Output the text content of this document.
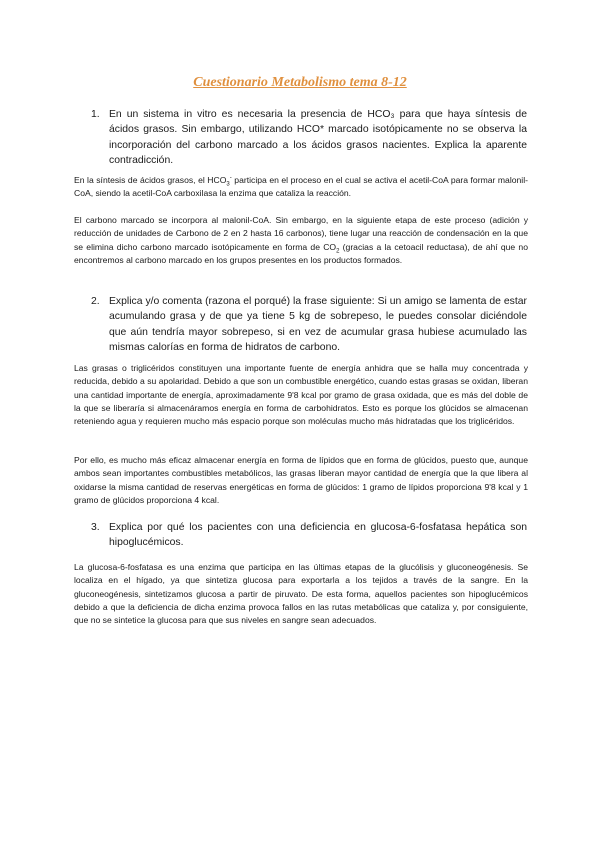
Cuestionario Metabolismo tema 8-12
1. En un sistema in vitro es necesaria la presencia de HCO₃ para que haya síntesis de ácidos grasos. Sin embargo, utilizando HCO* marcado isotópicamente no se observa la incorporación del carbono marcado a los ácidos grasos nacientes. Explica la aparente contradicción.

En la síntesis de ácidos grasos, el $HCO_3^-$ participa en el proceso en el cual se activa el acetil-CoA para formar malonil-CoA, siendo la acetil-CoA carboxilasa la enzima que cataliza la reacción.

El carbono marcado se incorpora al malonil-CoA. Sin embargo, en la siguiente etapa de este proceso (adición y reducción de unidades de Carbono de 2 en 2 hasta 16 carbonos), tiene lugar una reacción de condensación en la que se elimina dicho carbono marcado isotópicamente en forma de $CO_2$ (gracias a la cetoacil reductasa), de ahí que no encontremos al carbono marcado en los grupos presentes en los productos formados.

2. Explica y/o comenta (razona el porqué) la frase siguiente: Si un amigo se lamenta de estar acumulando grasa y de que ya tiene 5 kg de sobrepeso, le puedes consolar diciéndole que aún tendría mayor sobrepeso, si en vez de acumular grasa hubiese acumulado las mismas calorías en forma de hidratos de carbono.

Las grasas o triglicéridos constituyen una importante fuente de energía anhidra que se halla muy concentrada y reducida, debido a su apolaridad. Debido a que son un combustible energético, cuando estas grasas se oxidan, liberan una cantidad importante de energía, aproximadamente 9'8 kcal por gramo de grasa oxidada, que es más del doble de la que se liberaría si almacenáramos energía en forma de carbohidratos. Esto es porque los glúcidos se almacenan reteniendo agua y requieren mucho más espacio porque son moléculas mucho más hidratadas que los triglicéridos.

Por ello, es mucho más eficaz almacenar energía en forma de lípidos que en forma de glúcidos, puesto que, aunque ambos sean importantes combustibles metabólicos, las grasas liberan mayor cantidad de energía que la que libera al oxidarse la misma cantidad de reservas energéticas en forma de glúcidos: 1 gramo de lípidos proporciona 9'8 kcal y 1 gramo de glúcidos proporciona 4 kcal.

3. Explica por qué los pacientes con una deficiencia en glucosa-6-fosfatasa hepática son hipoglucémicos.

La glucosa-6-fosfatasa es una enzima que participa en las últimas etapas de la glucólisis y gluconeogénesis. Se localiza en el hígado, ya que sintetiza glucosa para exportarla a los tejidos a través de la sangre. En la gluconeogénesis, sintetizamos glucosa a partir de piruvato. De esta forma, aquellos pacientes son hipoglucémicos debido a que la deficiencia de dicha enzima provoca fallos en las rutas metabólicas que cataliza y, por consiguiente, que no se sintetice la glucosa para que sus niveles en sangre sean adecuados.
